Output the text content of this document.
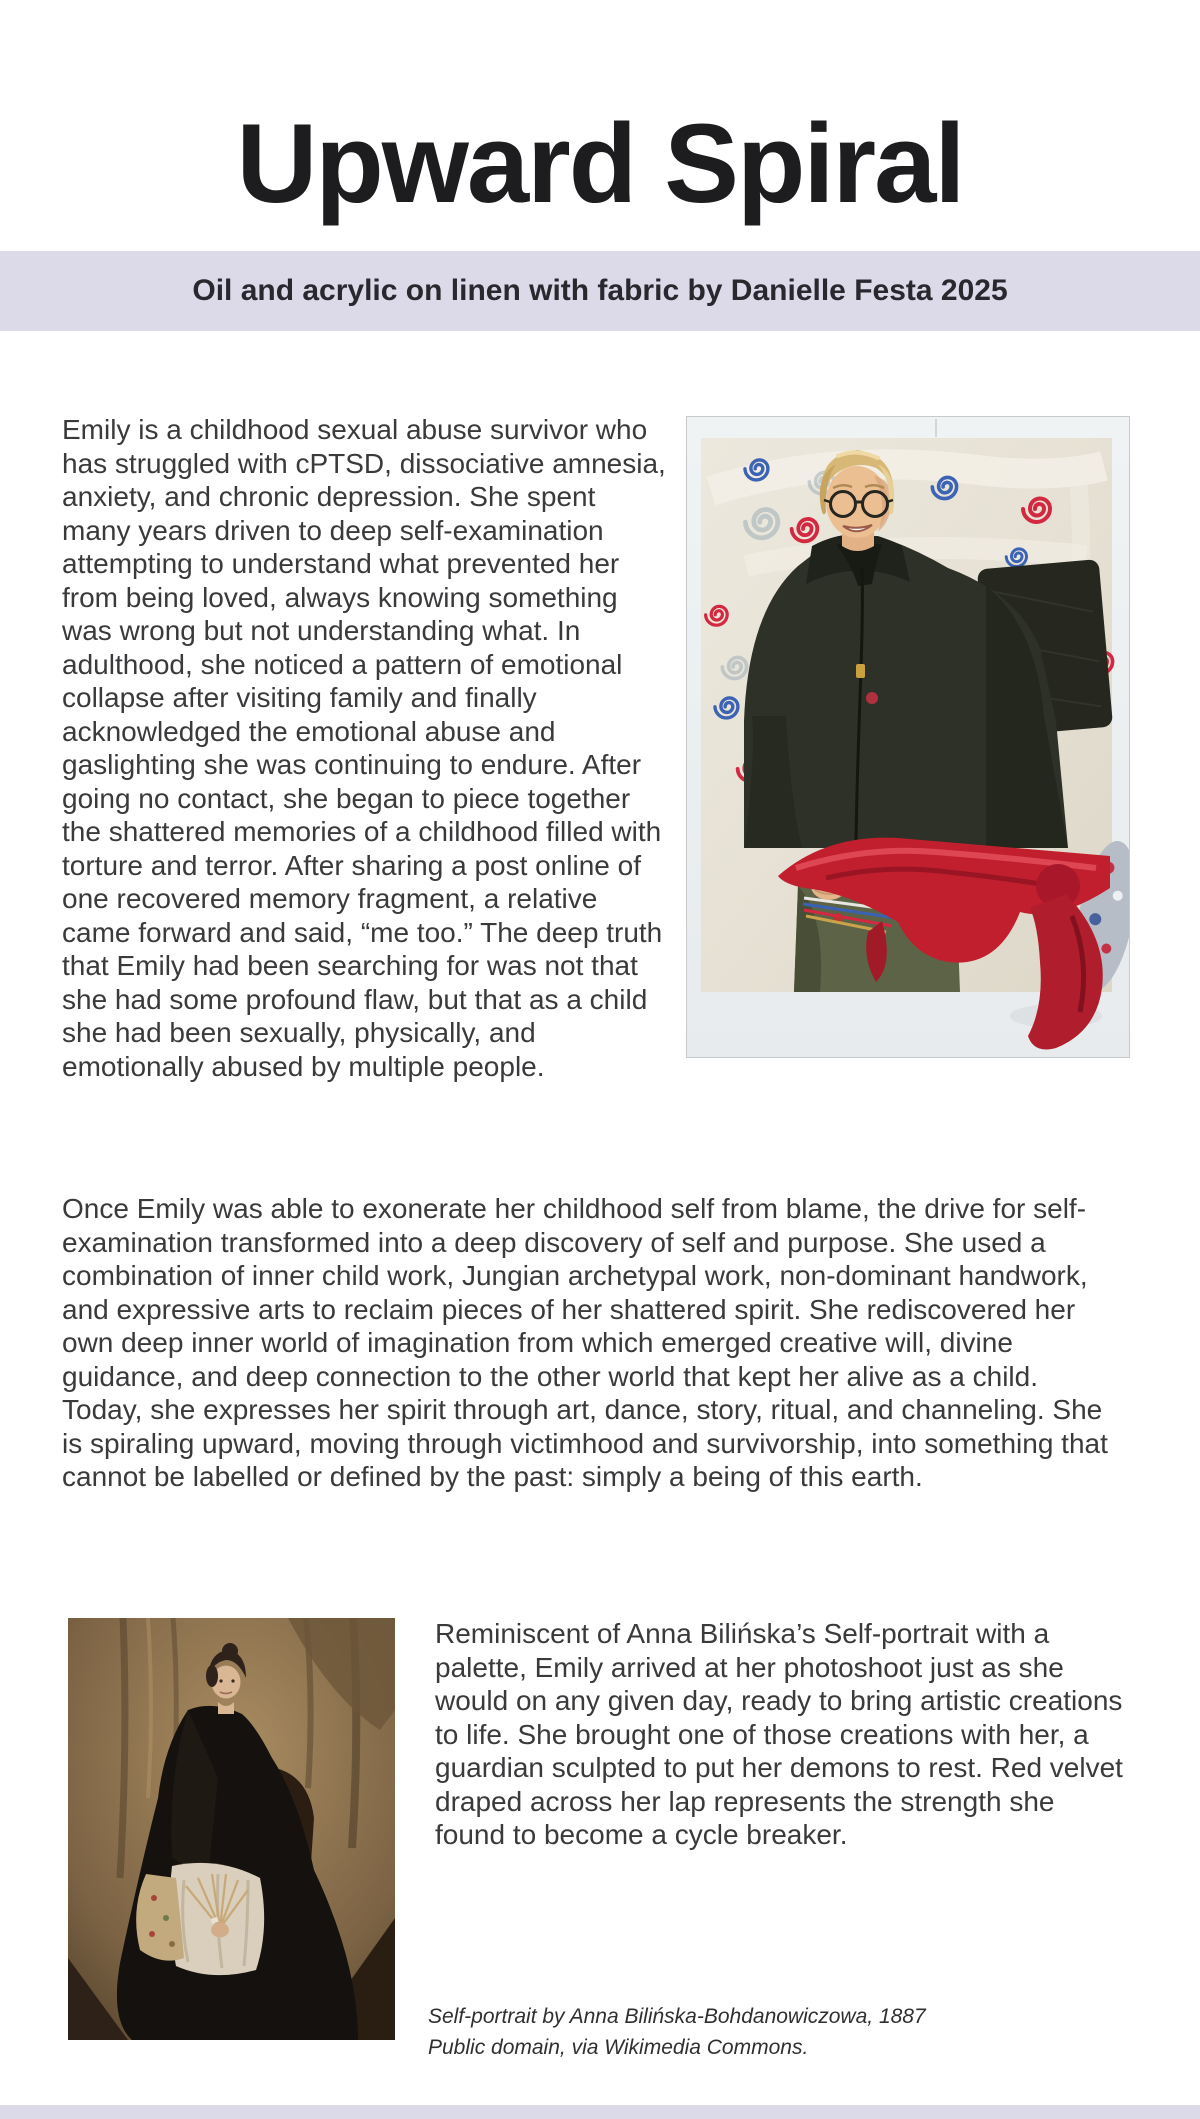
Upward Spiral
Oil and acrylic on linen with fabric by Danielle Festa 2025
Emily is a childhood sexual abuse survivor who has struggled with cPTSD, dissociative amnesia, anxiety, and chronic depression. She spent many years driven to deep self-examination attempting to understand what prevented her from being loved, always knowing something was wrong but not understanding what. In adulthood, she noticed a pattern of emotional collapse after visiting family and finally acknowledged the emotional abuse and gaslighting she was continuing to endure. After going no contact, she began to piece together the shattered memories of a childhood filled with torture and terror. After sharing a post online of one recovered memory fragment, a relative came forward and said, “me too.” The deep truth that Emily had been searching for was not that she had some profound flaw, but that as a child she had been sexually, physically, and emotionally abused by multiple people.
Once Emily was able to exonerate her childhood self from blame, the drive for self-examination transformed into a deep discovery of self and purpose. She used a combination of inner child work, Jungian archetypal work, non-dominant handwork, and expressive arts to reclaim pieces of her shattered spirit. She rediscovered her own deep inner world of imagination from which emerged creative will, divine guidance, and deep connection to the other world that kept her alive as a child. Today, she expresses her spirit through art, dance, story, ritual, and channeling. She is spiraling upward, moving through victimhood and survivorship, into something that cannot be labelled or defined by the past: simply a being of this earth.
Reminiscent of Anna Bilińska’s Self-portrait with a palette, Emily arrived at her photoshoot just as she would on any given day, ready to bring artistic creations to life. She brought one of those creations with her, a guardian sculpted to put her demons to rest. Red velvet draped across her lap represents the strength she found to become a cycle breaker.
Self-portrait by Anna Bilińska-Bohdanowiczowa, 1887
Public domain, via Wikimedia Commons.
